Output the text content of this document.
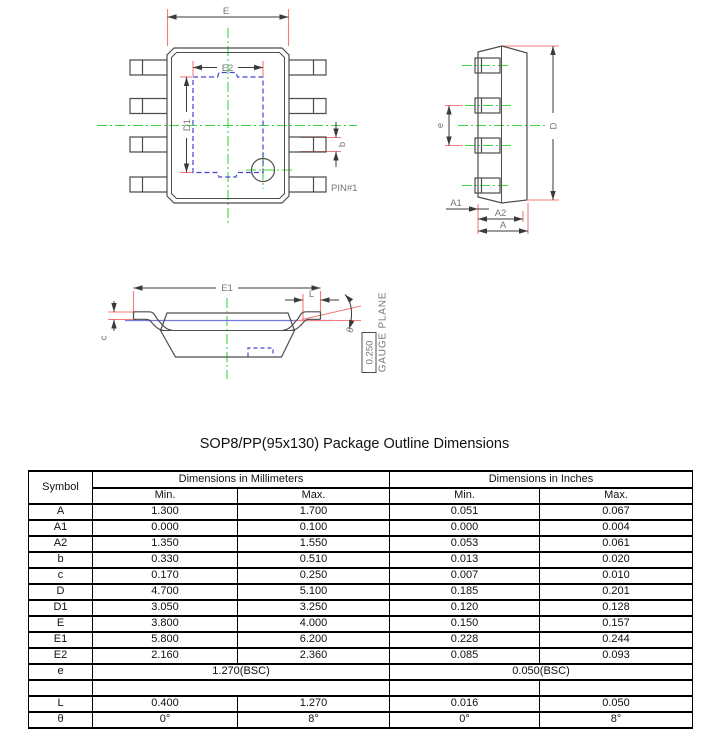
E
E2
D1
b
PIN#1
e	D
A1
A2
A
E1
L
c
θ
0.250 GAUGE PLANE
SOP8/PP(95x130) Package Outline Dimensions
Symbol	Dimensions in Millimeters		Dimensions in Inches	
	Min.	Max.	Min.	Max.
A	1.300	1.700	0.051	0.067
A1	0.000	0.100	0.000	0.004
A2	1.350	1.550	0.053	0.061
b	0.330	0.510	0.013	0.020
c	0.170	0.250	0.007	0.010
D	4.700	5.100	0.185	0.201
D1	3.050	3.250	0.120	0.128
E	3.800	4.000	0.150	0.157
E1	5.800	6.200	0.228	0.244
E2	2.160	2.360	0.085	0.093
e	1.270(BSC)		0.050(BSC)	

L	0.400	1.270	0.016	0.050
θ	0°	8°	0°	8°
